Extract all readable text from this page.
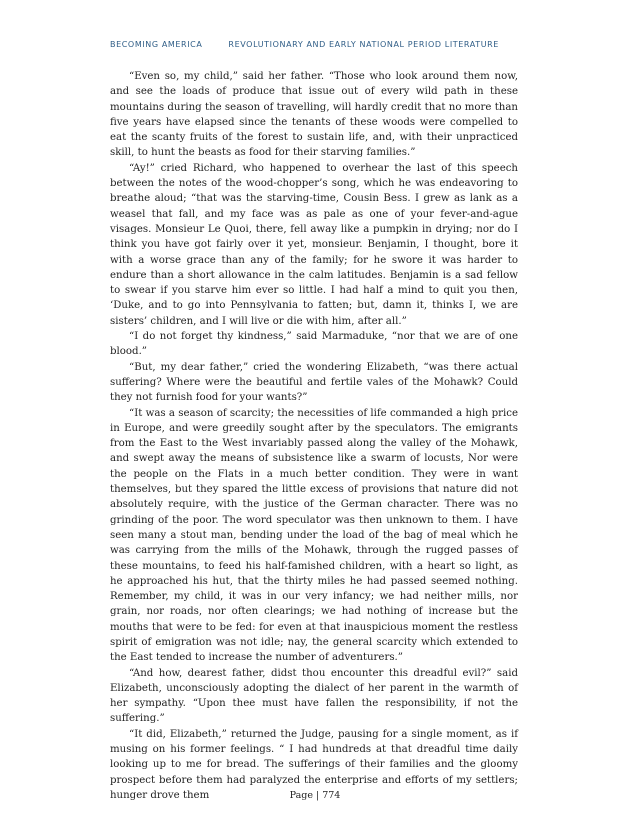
BECOMING AMERICA	REVOLUTIONARY AND EARLY NATIONAL PERIOD LITERATURE

“Even so, my child,” said her father. “Those who look around them now, and see the loads of produce that issue out of every wild path in these mountains during the season of travelling, will hardly credit that no more than five years have elapsed since the tenants of these woods were compelled to eat the scanty fruits of the forest to sustain life, and, with their unpracticed skill, to hunt the beasts as food for their starving families.”

“Ay!” cried Richard, who happened to overhear the last of this speech between the notes of the wood-chopper’s song, which he was endeavoring to breathe aloud; “that was the starving-time, Cousin Bess. I grew as lank as a weasel that fall, and my face was as pale as one of your fever-and-ague visages. Monsieur Le Quoi, there, fell away like a pumpkin in drying; nor do I think you have got fairly over it yet, monsieur. Benjamin, I thought, bore it with a worse grace than any of the family; for he swore it was harder to endure than a short allowance in the calm latitudes. Benjamin is a sad fellow to swear if you starve him ever so little. I had half a mind to quit you then, ‘Duke, and to go into Pennsylvania to fatten; but, damn it, thinks I, we are sisters’ children, and I will live or die with him, after all.”

“I do not forget thy kindness,” said Marmaduke, “nor that we are of one blood.”

“But, my dear father,” cried the wondering Elizabeth, “was there actual suffering? Where were the beautiful and fertile vales of the Mohawk? Could they not furnish food for your wants?”

“It was a season of scarcity; the necessities of life commanded a high price in Europe, and were greedily sought after by the speculators. The emigrants from the East to the West invariably passed along the valley of the Mohawk, and swept away the means of subsistence like a swarm of locusts, Nor were the people on the Flats in a much better condition. They were in want themselves, but they spared the little excess of provisions that nature did not absolutely require, with the justice of the German character. There was no grinding of the poor. The word speculator was then unknown to them. I have seen many a stout man, bending under the load of the bag of meal which he was carrying from the mills of the Mohawk, through the rugged passes of these mountains, to feed his half-famished children, with a heart so light, as he approached his hut, that the thirty miles he had passed seemed nothing. Remember, my child, it was in our very infancy; we had neither mills, nor grain, nor roads, nor often clearings; we had nothing of increase but the mouths that were to be fed: for even at that inauspicious moment the restless spirit of emigration was not idle; nay, the general scarcity which extended to the East tended to increase the number of adventurers.”

“And how, dearest father, didst thou encounter this dreadful evil?” said Elizabeth, unconsciously adopting the dialect of her parent in the warmth of her sympathy. “Upon thee must have fallen the responsibility, if not the suffering.”

“It did, Elizabeth,” returned the Judge, pausing for a single moment, as if musing on his former feelings. “ I had hundreds at that dreadful time daily looking up to me for bread. The sufferings of their families and the gloomy prospect before them had paralyzed the enterprise and efforts of my settlers; hunger drove them	Page | 774
